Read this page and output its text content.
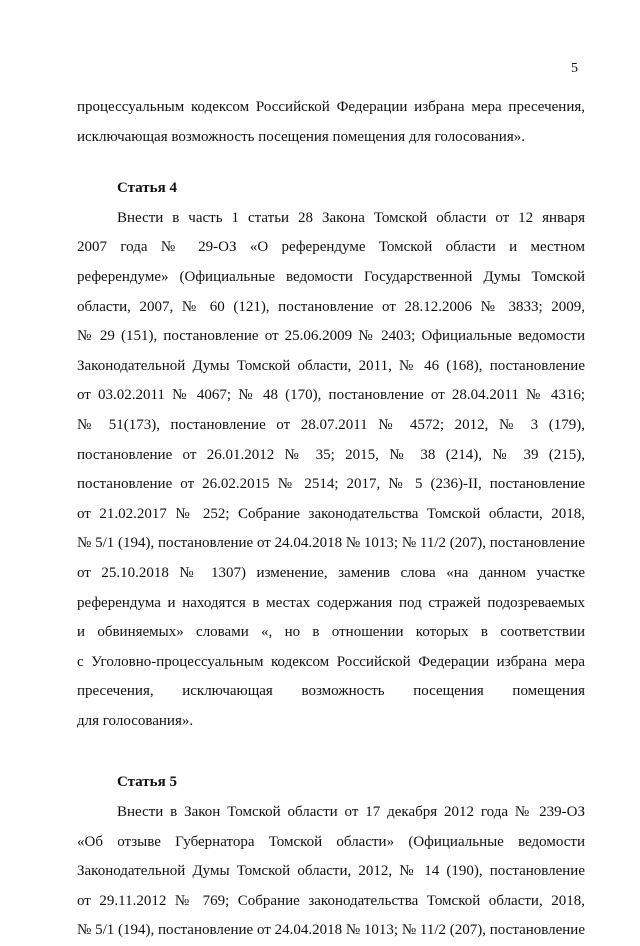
5
процессуальным кодексом Российской Федерации избрана мера пресечения,
исключающая возможность посещения помещения для голосования».
Статья 4
Внести в часть 1 статьи 28 Закона Томской области от 12 января
2007 года № 29-ОЗ «О референдуме Томской области и местном
референдуме» (Официальные ведомости Государственной Думы Томской
области, 2007, № 60 (121), постановление от 28.12.2006 № 3833; 2009,
№ 29 (151), постановление от 25.06.2009 № 2403; Официальные ведомости
Законодательной Думы Томской области, 2011, № 46 (168), постановление
от 03.02.2011 № 4067; № 48 (170), постановление от 28.04.2011 № 4316;
№ 51(173), постановление от 28.07.2011 № 4572; 2012, № 3 (179),
постановление от 26.01.2012 № 35; 2015, № 38 (214), № 39 (215),
постановление от 26.02.2015 № 2514; 2017, № 5 (236)-II, постановление
от 21.02.2017 № 252; Собрание законодательства Томской области, 2018,
№ 5/1 (194), постановление от 24.04.2018 № 1013; № 11/2 (207), постановление
от 25.10.2018 № 1307) изменение, заменив слова «на данном участке
референдума и находятся в местах содержания под стражей подозреваемых
и обвиняемых» словами «, но в отношении которых в соответствии
с Уголовно-процессуальным кодексом Российской Федерации избрана мера
пресечения, исключающая возможность посещения помещения
для голосования».
Статья 5
Внести в Закон Томской области от 17 декабря 2012 года № 239-ОЗ
«Об отзыве Губернатора Томской области» (Официальные ведомости
Законодательной Думы Томской области, 2012, № 14 (190), постановление
от 29.11.2012 № 769; Собрание законодательства Томской области, 2018,
№ 5/1 (194), постановление от 24.04.2018 № 1013; № 11/2 (207), постановление
